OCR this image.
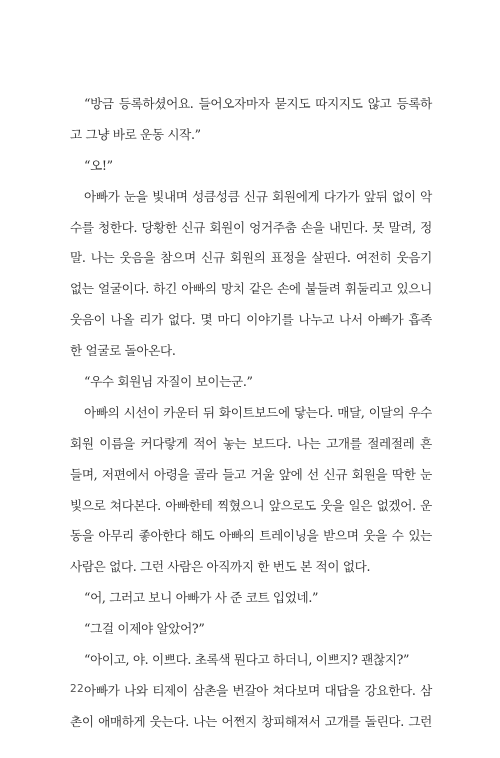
“방금 등록하셨어요. 들어오자마자 묻지도 따지지도 않고 등록하
고 그냥 바로 운동 시작.”
“오!”
아빠가 눈을 빛내며 성큼성큼 신규 회원에게 다가가 앞뒤 없이 악
수를 청한다. 당황한 신규 회원이 엉거주춤 손을 내민다. 못 말려, 정
말. 나는 웃음을 참으며 신규 회원의 표정을 살핀다. 여전히 웃음기
없는 얼굴이다. 하긴 아빠의 망치 같은 손에 붙들려 휘둘리고 있으니
웃음이 나올 리가 없다. 몇 마디 이야기를 나누고 나서 아빠가 흡족
한 얼굴로 돌아온다.
“우수 회원님 자질이 보이는군.”
아빠의 시선이 카운터 뒤 화이트보드에 닿는다. 매달, 이달의 우수
회원 이름을 커다랗게 적어 놓는 보드다. 나는 고개를 절레절레 흔
들며, 저편에서 아령을 골라 들고 거울 앞에 선 신규 회원을 딱한 눈
빛으로 쳐다본다. 아빠한테 찍혔으니 앞으로도 웃을 일은 없겠어. 운
동을 아무리 좋아한다 해도 아빠의 트레이닝을 받으며 웃을 수 있는
사람은 없다. 그런 사람은 아직까지 한 번도 본 적이 없다.
“어, 그러고 보니 아빠가 사 준 코트 입었네.”
“그걸 이제야 알았어?”
“아이고, 야. 이쁘다. 초록색 뭔다고 하더니, 이쁘지? 괜찮지?”
아빠가 나와 티제이 삼촌을 번갈아 쳐다보며 대답을 강요한다. 삼
촌이 애매하게 웃는다. 나는 어쩐지 창피해져서 고개를 돌린다. 그런
22
